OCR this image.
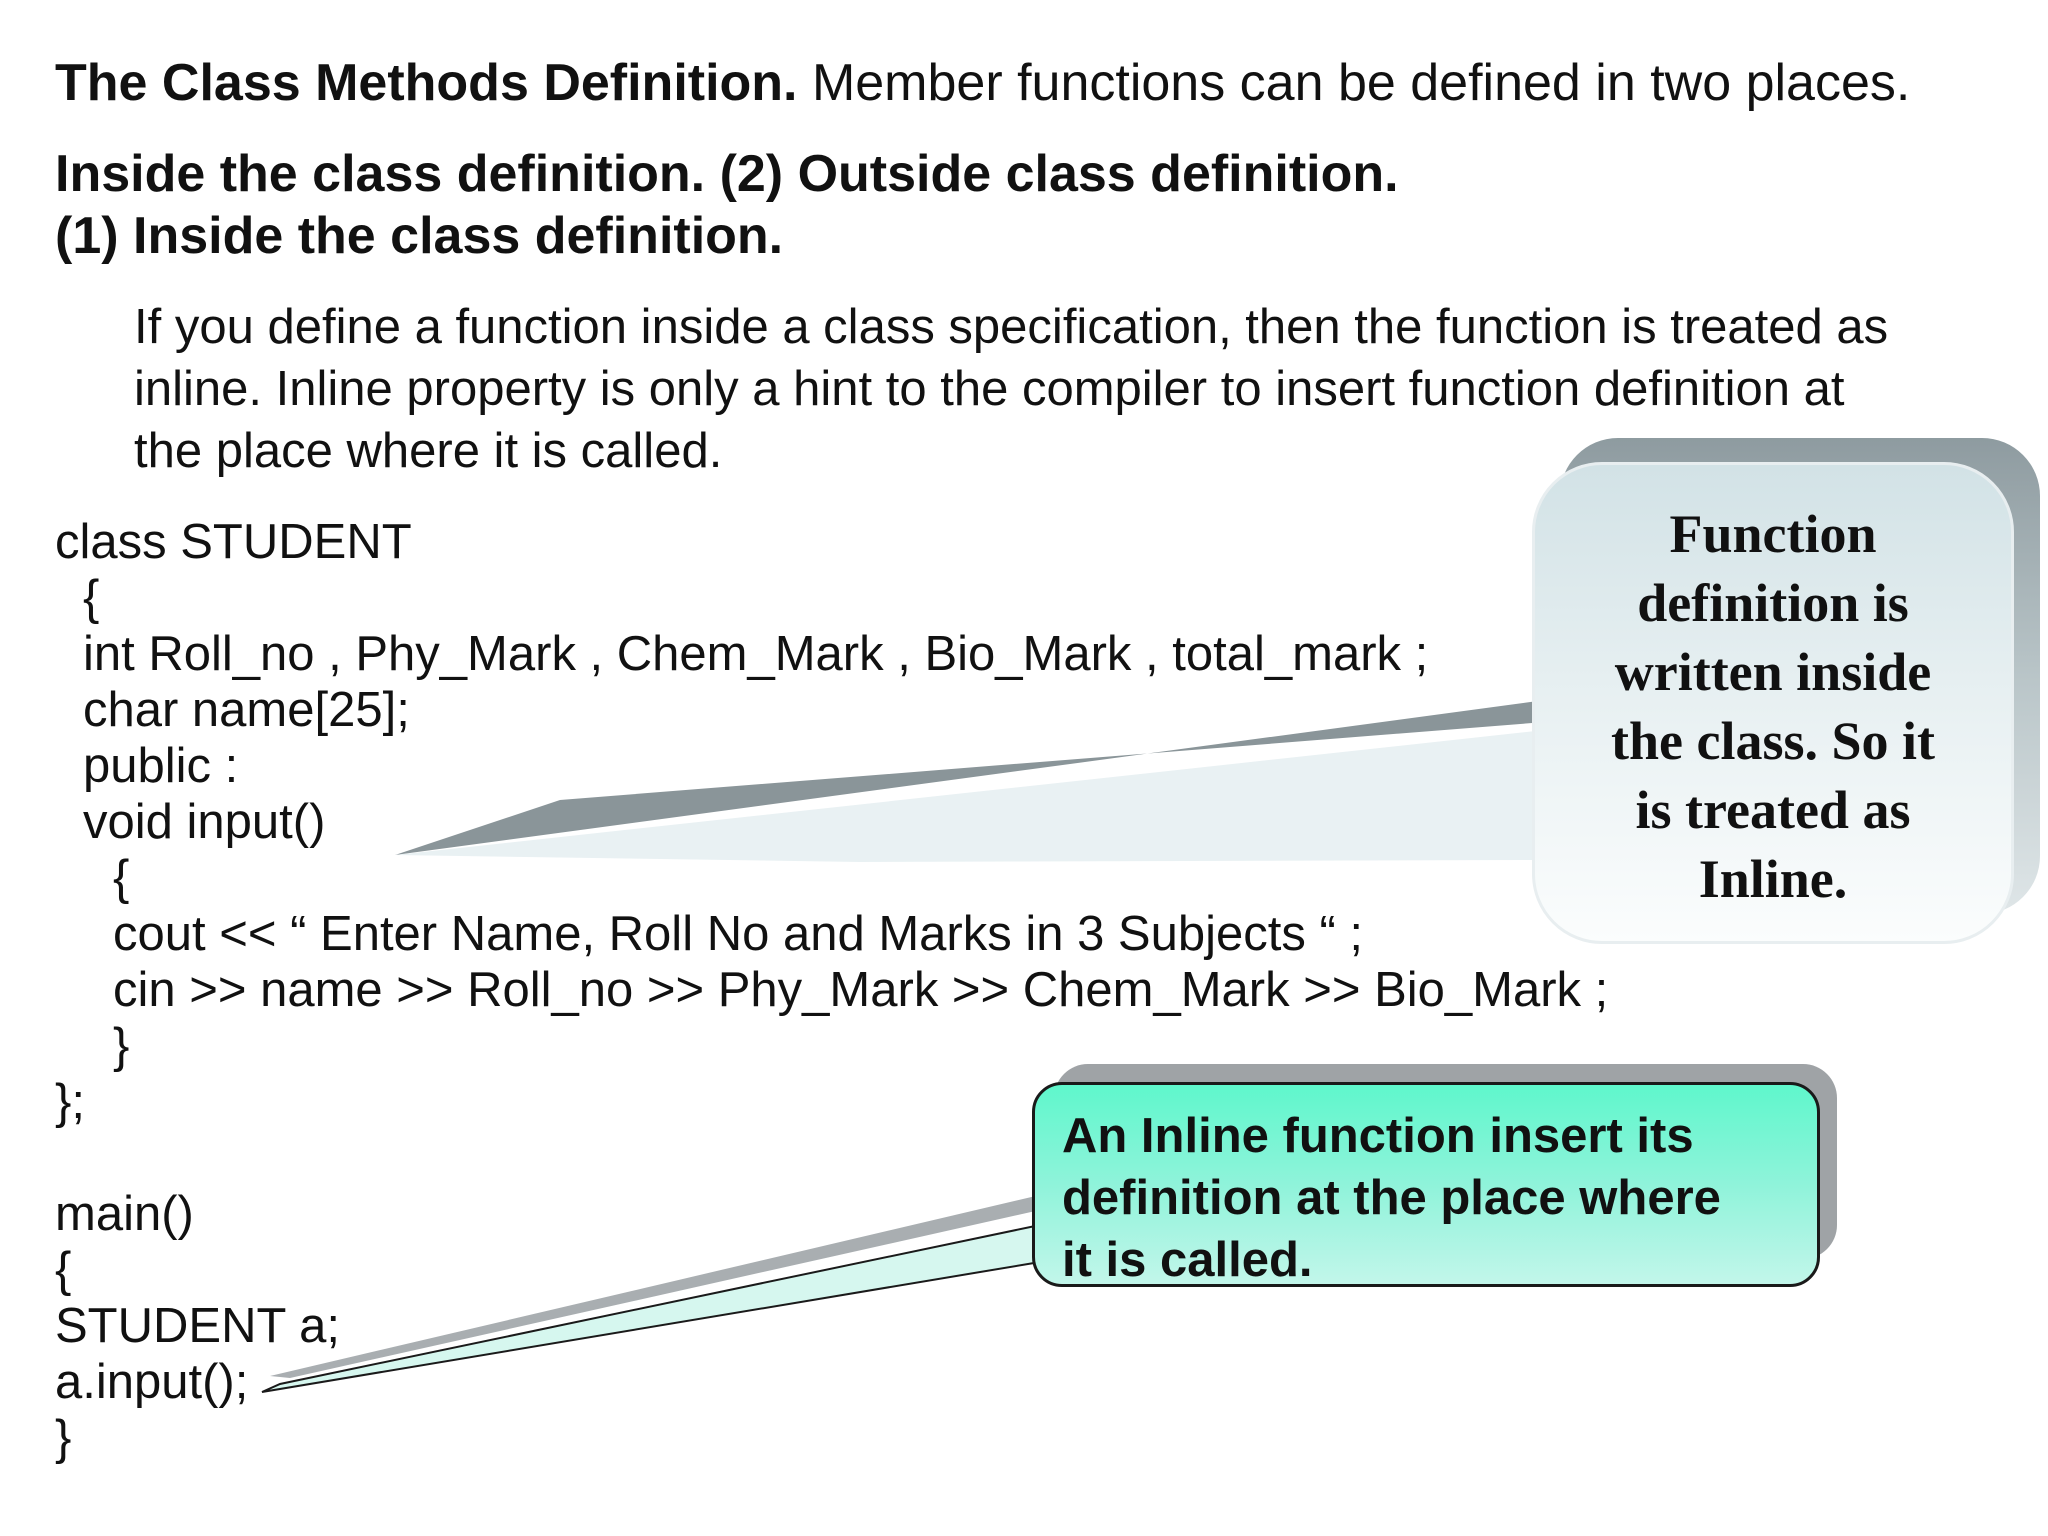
The Class Methods Definition. Member functions can be defined in two places.
Inside the class definition. (2) Outside class definition.
(1) Inside the class definition.
If you define a function inside a class specification, then the function is treated as
inline. Inline property is only a hint to the compiler to insert function definition at
the place where it is called.
Function
definition is
written inside
the class. So it
is treated as
Inline.
An Inline function insert its
definition at the place where
it is called.
class STUDENT
{
int Roll_no , Phy_Mark , Chem_Mark , Bio_Mark , total_mark ;
char name[25];
public :
void input()
{
cout << “ Enter Name, Roll No and Marks in 3 Subjects “ ;
cin >> name >> Roll_no >> Phy_Mark >> Chem_Mark >> Bio_Mark ;
}
};
main()
{
STUDENT a;
a.input();
}
